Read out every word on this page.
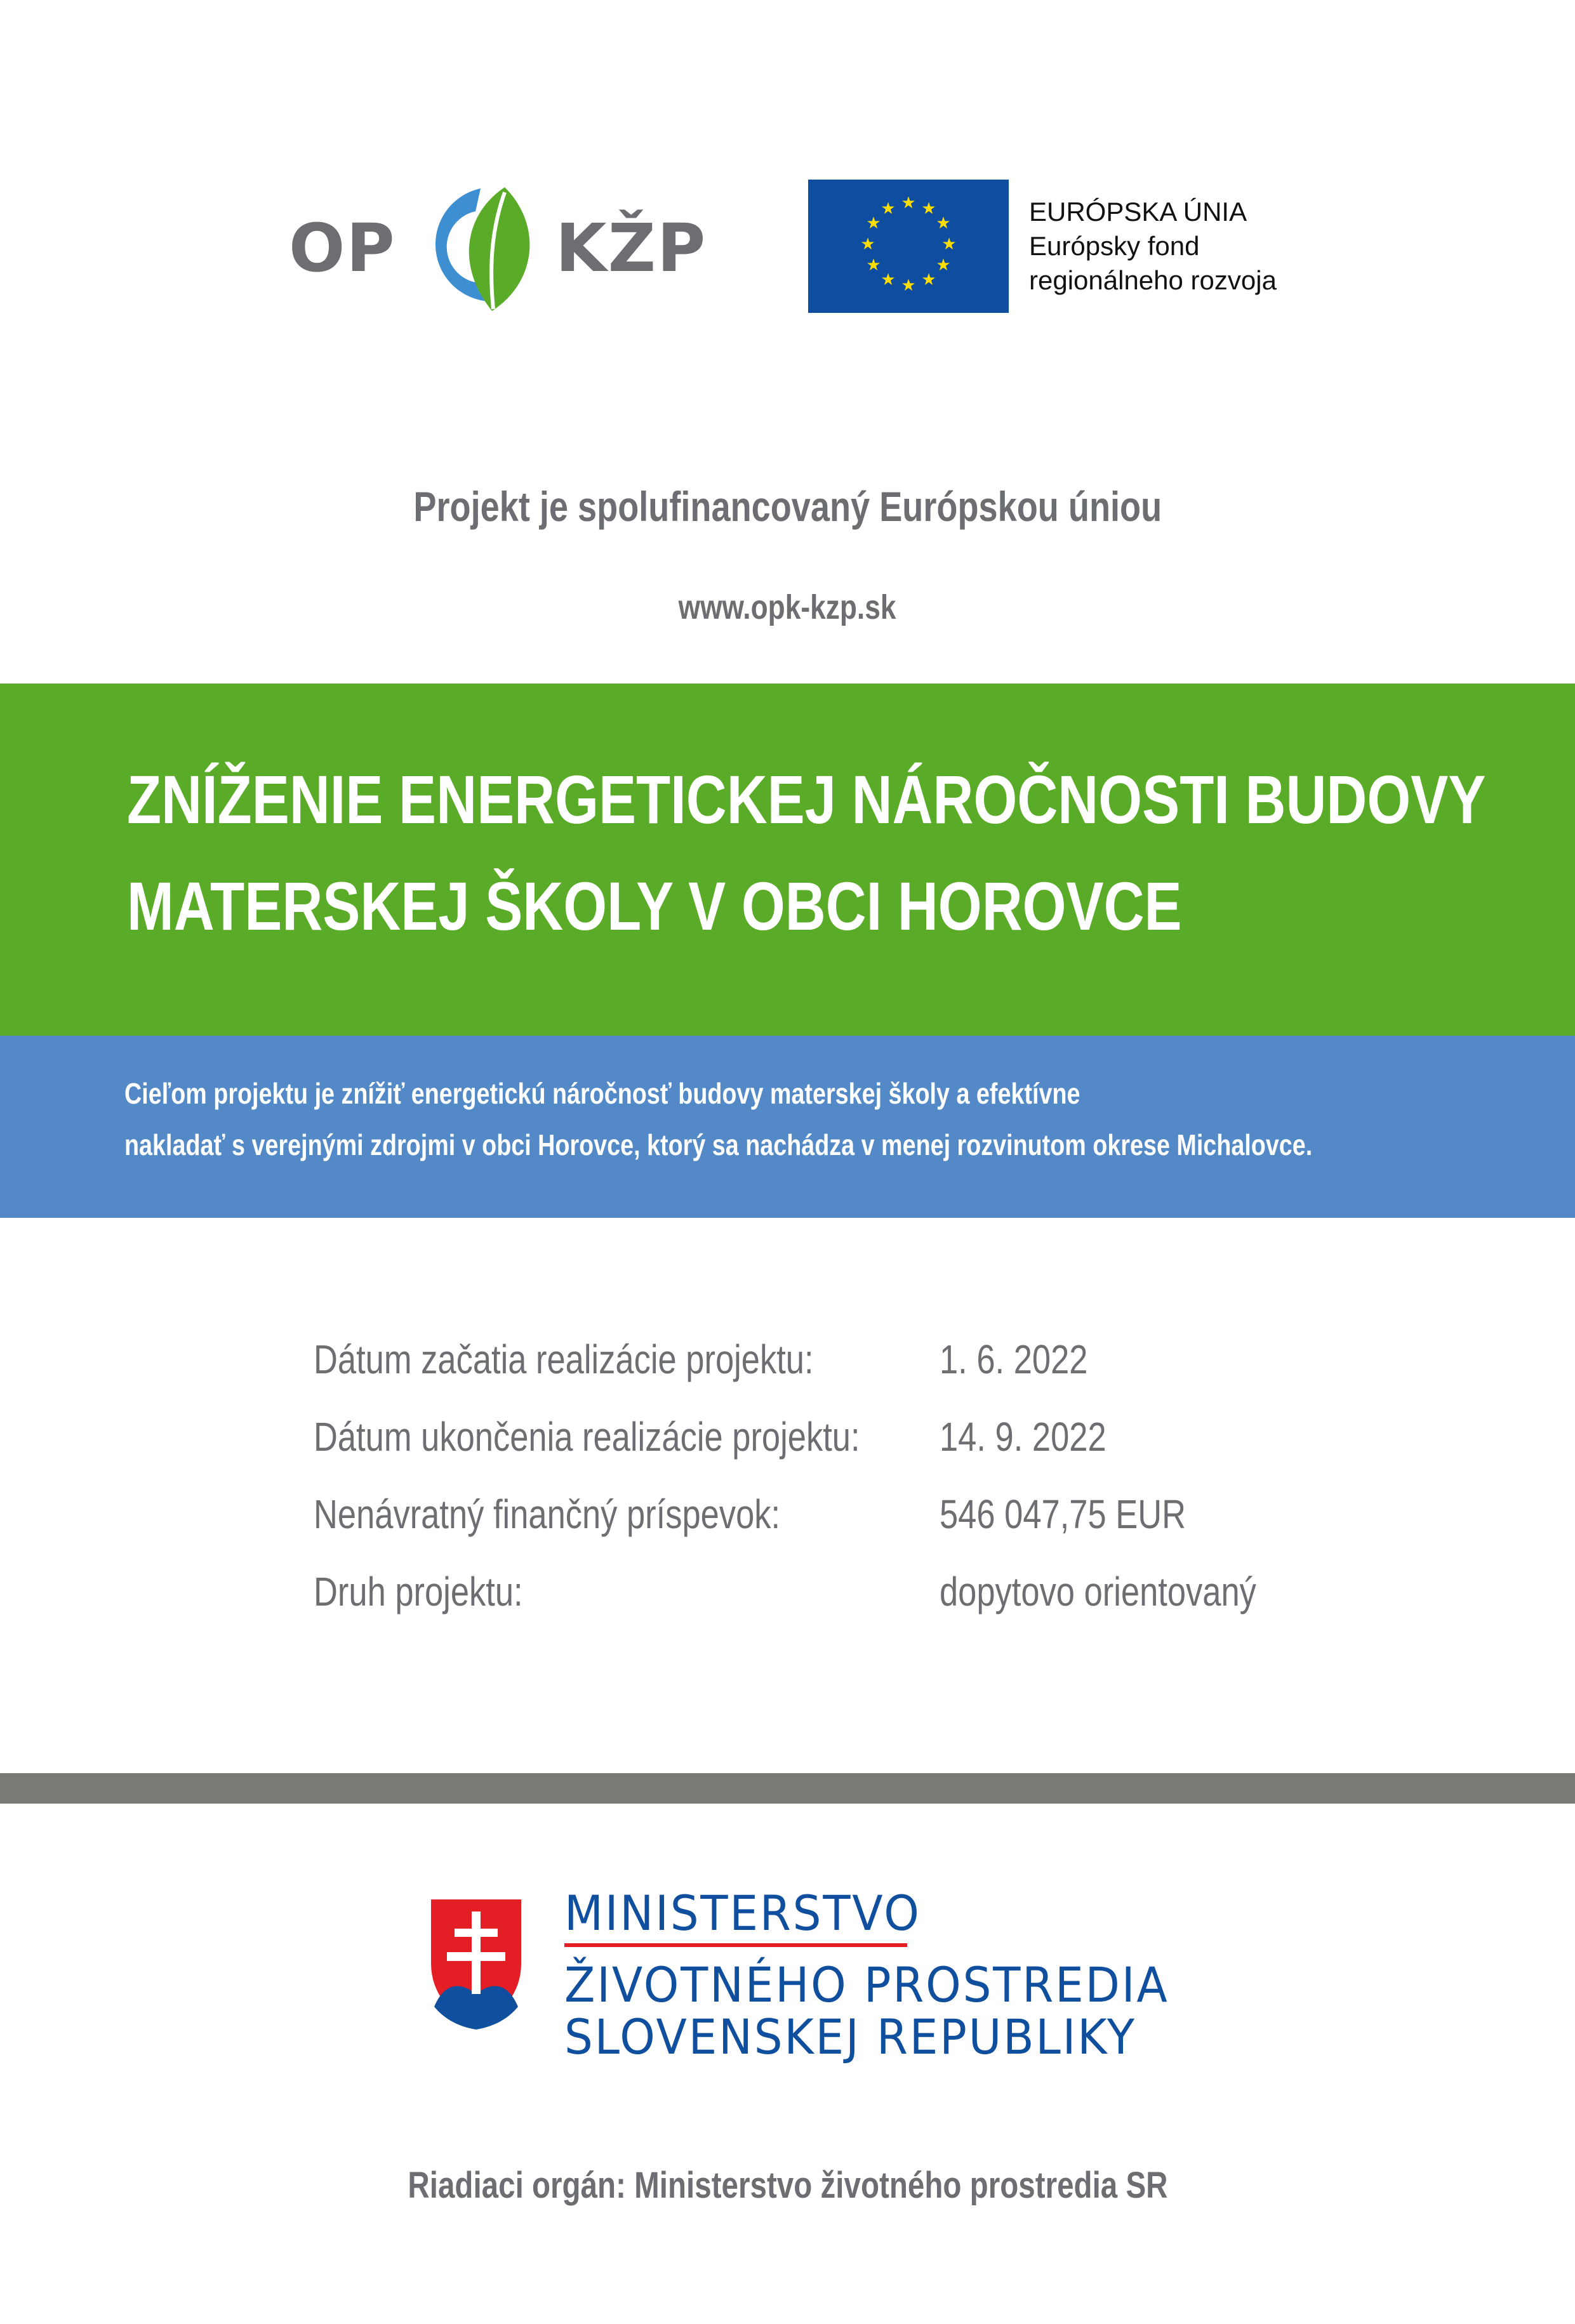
OP KŽP
★ ★
★
★
★
★
★
★
★
★
★
★	EURÓPSKA ÚNIA
Európsky fond
regionálneho rozvoja
Projekt je spolufinancovaný Európskou úniou
www.opk-kzp.sk
ZNÍŽENIE ENERGETICKEJ NÁROČNOSTI BUDOVY
MATERSKEJ ŠKOLY V OBCI HOROVCE
Cieľom projektu je znížiť energetickú náročnosť budovy materskej školy a efektívne
nakladať s verejnými zdrojmi v obci Horovce, ktorý sa nachádza v menej rozvinutom okrese Michalovce.
Dátum začatia realizácie projektu:	1. 6. 2022
Dátum ukončenia realizácie projektu: 14. 9. 2022
Nenávratný finančný príspevok:	546 047,75 EUR
Druh projektu:	dopytovo orientovaný
MINISTERSTVO
ŽIVOTNÉHO PROSTREDIA
SLOVENSKEJ REPUBLIKY
Riadiaci orgán: Ministerstvo životného prostredia SR
